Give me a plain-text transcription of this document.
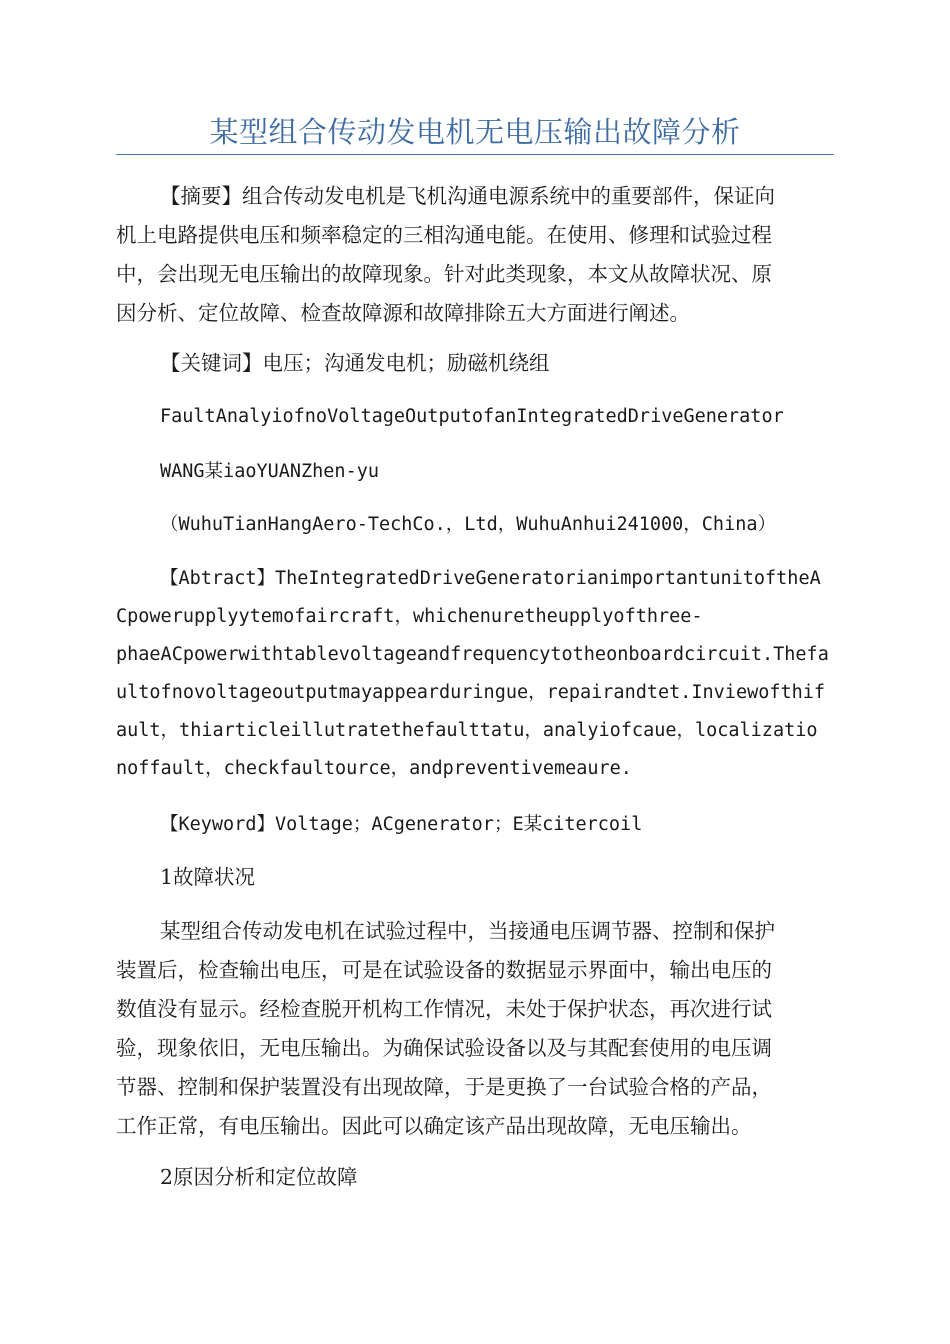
某型组合传动发电机无电压输出故障分析
【摘要】组合传动发电机是飞机沟通电源系统中的重要部件，保证向
机上电路提供电压和频率稳定的三相沟通电能。在使用、修理和试验过程
中，会出现无电压输出的故障现象。针对此类现象，本文从故障状况、原
因分析、定位故障、检查故障源和故障排除五大方面进行阐述。
【关键词】电压；沟通发电机；励磁机绕组
FaultAnalyiofnoVoltageOutputofanIntegratedDriveGenerator
WANG某iaoYUANZhen-yu
（WuhuTianHangAero-TechCo.，Ltd，WuhuAnhui241000，China）
【Abtract】TheIntegratedDriveGeneratorianimportantunitoftheA
Cpowerupplyytemofaircraft，whichenuretheupplyofthree-
phaeACpowerwithtablevoltageandfrequencytotheonboardcircuit.Thefa
ultofnovoltageoutputmayappearduringue，repairandtet.Inviewofthif
ault，thiarticleillutratethefaulttatu，analyiofcaue，localizatio
noffault，checkfaultource，andpreventivemeaure.
【Keyword】Voltage；ACgenerator；E某citercoil
1故障状况
某型组合传动发电机在试验过程中，当接通电压调节器、控制和保护
装置后，检查输出电压，可是在试验设备的数据显示界面中，输出电压的
数值没有显示。经检查脱开机构工作情况，未处于保护状态，再次进行试
验，现象依旧，无电压输出。为确保试验设备以及与其配套使用的电压调
节器、控制和保护装置没有出现故障，于是更换了一台试验合格的产品，
工作正常，有电压输出。因此可以确定该产品出现故障，无电压输出。
2原因分析和定位故障
